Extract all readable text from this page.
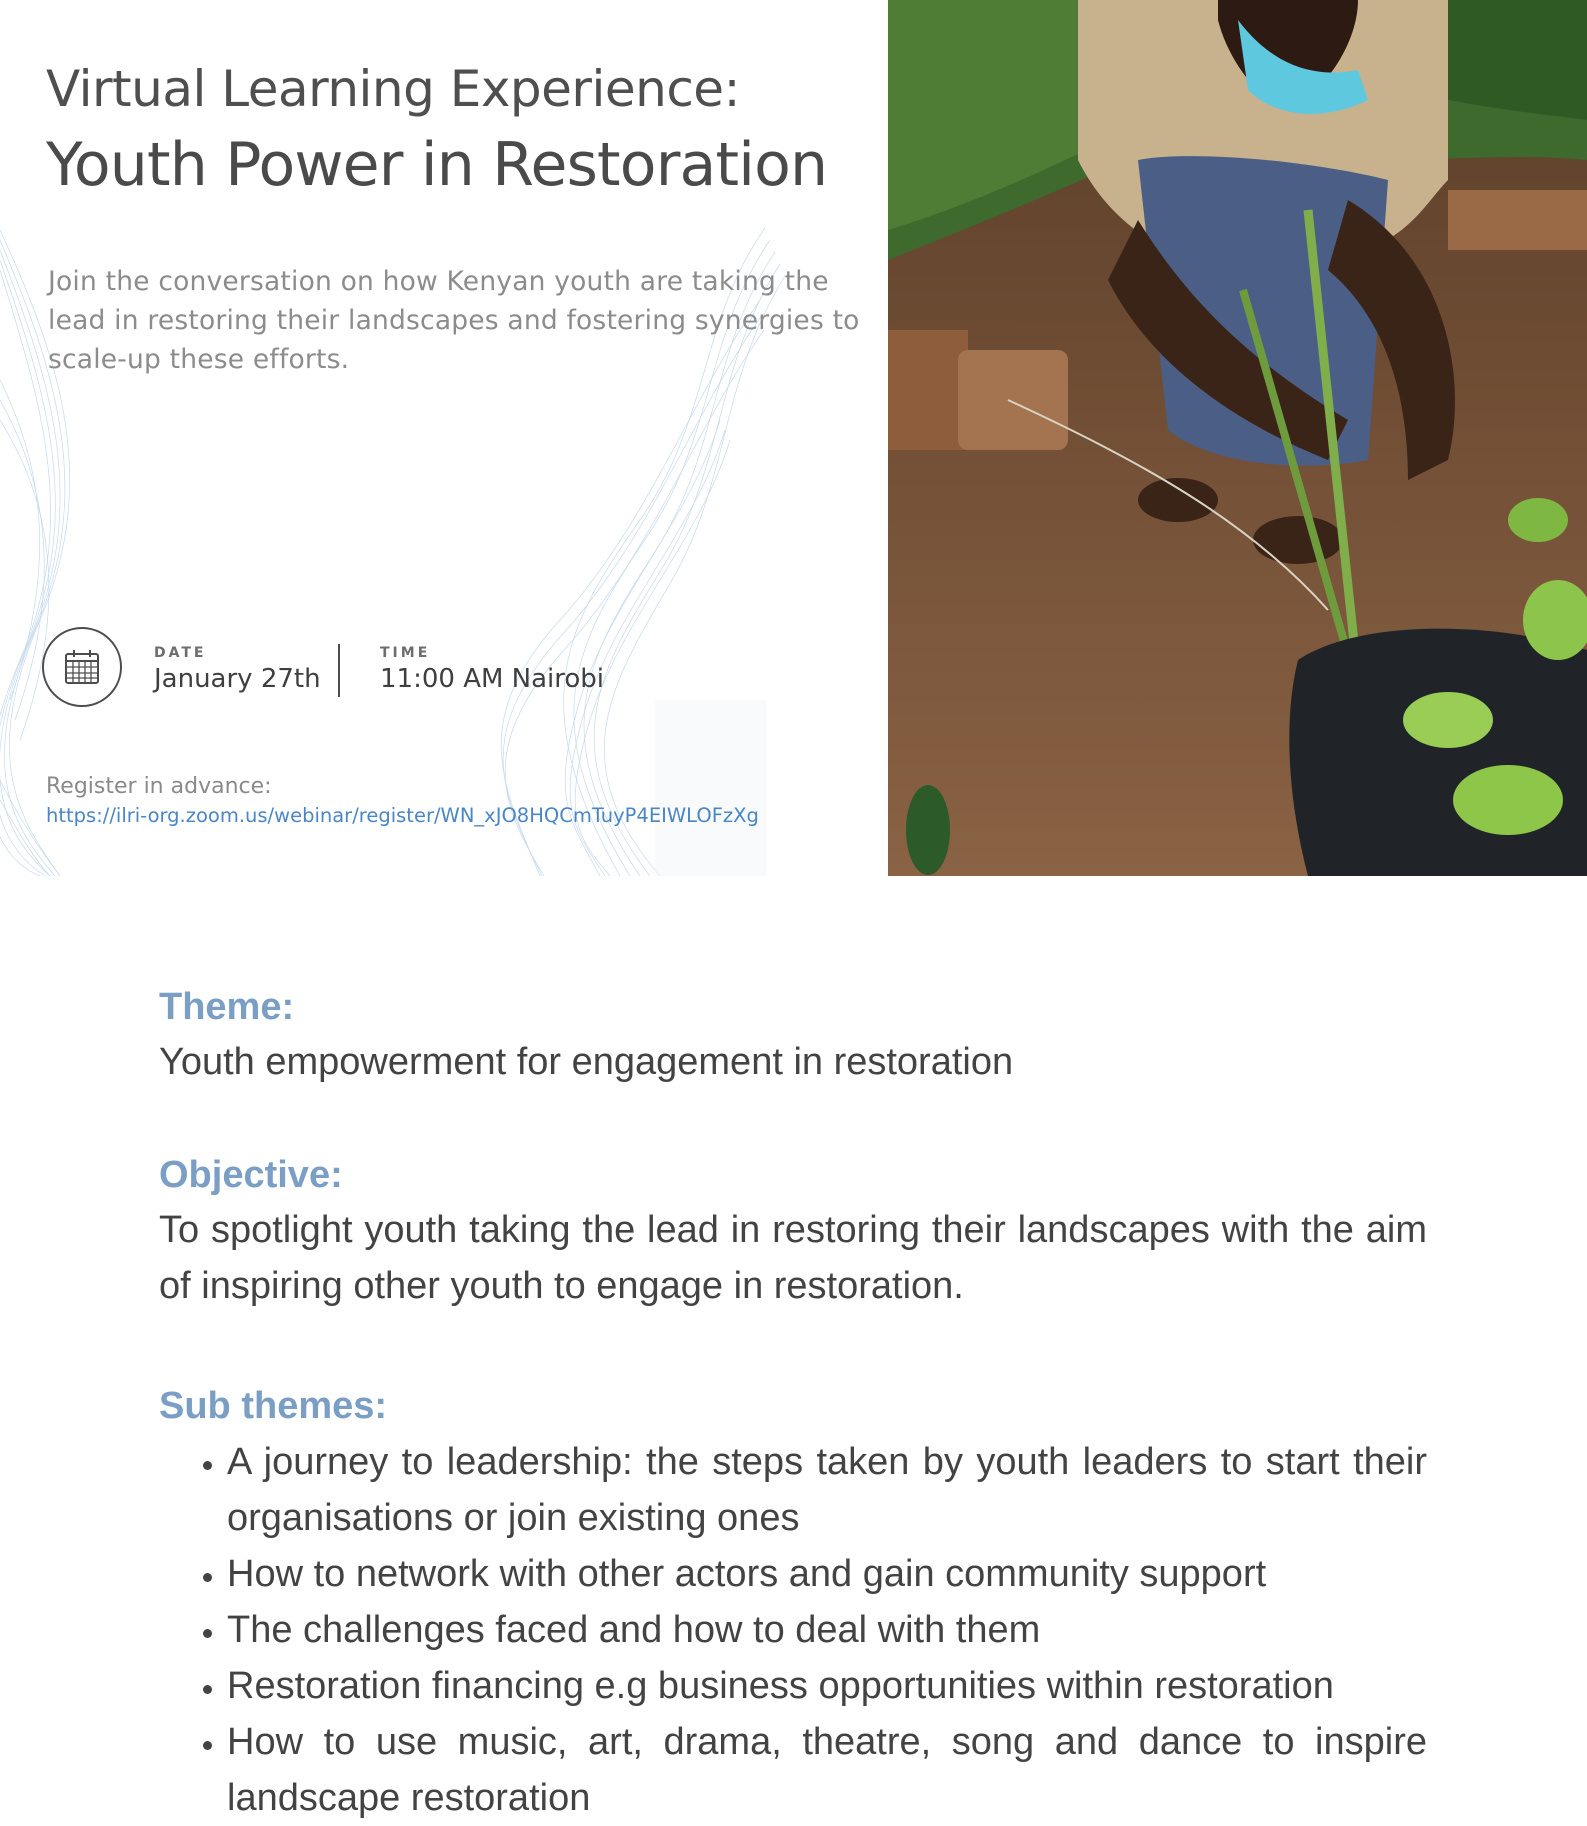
Virtual Learning Experience:
Youth Power in Restoration
Join the conversation on how Kenyan youth are taking the lead in restoring their landscapes and fostering synergies to scale-up these efforts.
DATE
January 27th
TIME
11:00 AM Nairobi
Register in advance:
https://ilri-org.zoom.us/webinar/register/WN_xJO8HQCmTuyP4EIWLOFzXg
Theme:
Youth empowerment for engagement in restoration
Objective:
To spotlight youth taking the lead in restoring their landscapes with the aim of inspiring other youth to engage in restoration.
Sub themes:
• A journey to leadership: the steps taken by youth leaders to start their organisations or join existing ones
• How to network with other actors and gain community support
• The challenges faced and how to deal with them
• Restoration financing e.g business opportunities within restoration
• How to use music, art, drama, theatre, song and dance to inspire landscape restoration
